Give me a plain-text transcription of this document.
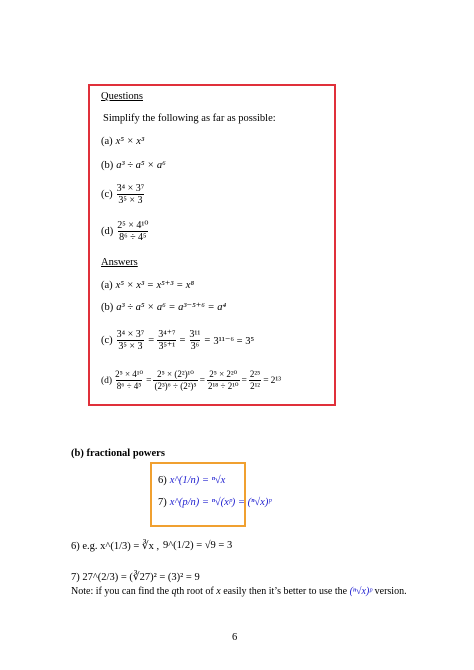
Questions
Simplify the following as far as possible:
(a) x⁵ × x³
(b) a³ ÷ a⁵ × a⁶
$(c) \frac{\text{3⁴ × 3⁷}}{\text{3⁵ × 3}}$
$(d) \frac{\text{2⁵ × 4¹⁰}}{\text{8⁶ ÷ 4⁵}}$
Answers
(a) x⁵ × x³ = x⁵⁺³ = x⁸
(b) a³ ÷ a⁵ × a⁶ = a³⁻⁵⁺⁶ = a⁴
$(c) \frac{\text{3⁴ × 3⁷}}{\text{3⁵ × 3}} = \frac{\text{3⁴⁺⁷}}{\text{3⁵⁺¹}} = \frac{\text{3¹¹}}{\text{3⁶}} = 3^{11-6} = 3^5$
$(d) \frac{\text{2⁵ × 4¹⁰}}{\text{8⁶ ÷ 4⁵}} = \frac{\text{2⁵ × (2²)¹⁰}}{\text{(2³)⁶ ÷ (2²)⁵}} = \frac{\text{2⁵ × 2²⁰}}{\text{2¹⁸ ÷ 2¹⁰}} = \frac{\text{2²⁵}}{\text{2¹²}} = 2^{13}$
(b) fractional powers
6) x^(1/n) = ⁿ√x
7) x^(p/n) = ⁿ√(xᵖ) = (ⁿ√x)ᵖ
6) e.g. x^(1/3) = ∛x , 9^(1/2) = √9 = 3
7) 27^(2/3) = (∛27)² = (3)² = 9
Note: if you can find the qth root of x easily then it’s better to use the (ⁿ√x)ᵖ version.
6
